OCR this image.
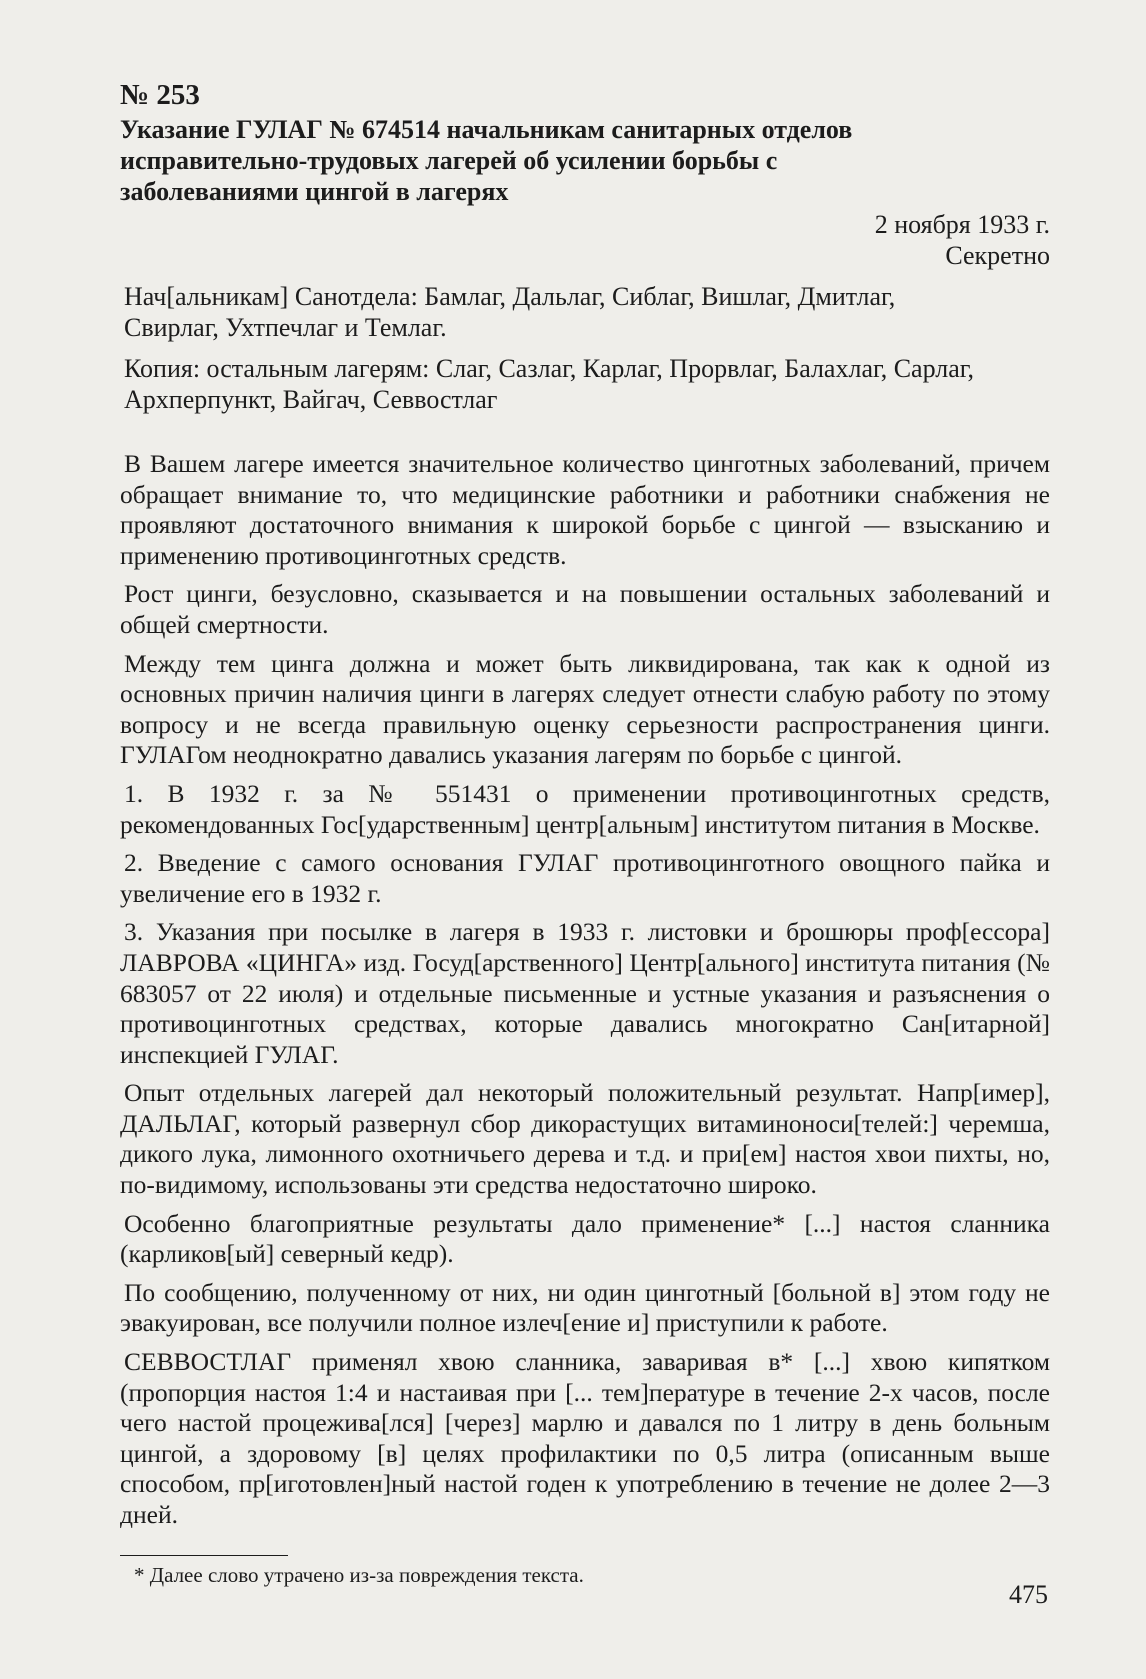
№ 253
Указание ГУЛАГ № 674514 начальникам санитарных отделов исправительно-трудовых лагерей об усилении борьбы с заболеваниями цингой в лагерях
2 ноября 1933 г.
Секретно
Нач[альникам] Санотдела: Бамлаг, Дальлаг, Сиблаг, Вишлаг, Дмитлаг, Свирлаг, Ухтпечлаг и Темлаг.
Копия: остальным лагерям: Слаг, Сазлаг, Карлаг, Прорвлаг, Балахлаг, Сарлаг, Архперпункт, Вайгач, Севвостлаг

В Вашем лагере имеется значительное количество цинготных заболеваний, причем обращает внимание то, что медицинские работники и работники снабжения не проявляют достаточного внимания к широкой борьбе с цингой — взысканию и применению противоцинготных средств.

Рост цинги, безусловно, сказывается и на повышении остальных заболеваний и общей смертности.

Между тем цинга должна и может быть ликвидирована, так как к одной из основных причин наличия цинги в лагерях следует отнести слабую работу по этому вопросу и не всегда правильную оценку серьезности распространения цинги. ГУЛАГом неоднократно давались указания лагерям по борьбе с цингой.

1. В 1932 г. за № 551431 о применении противоцинготных средств, рекомендованных Гос[ударственным] центр[альным] институтом питания в Москве.

2. Введение с самого основания ГУЛАГ противоцинготного овощного пайка и увеличение его в 1932 г.

3. Указания при посылке в лагеря в 1933 г. листовки и брошюры проф[ессора] ЛАВРОВА «ЦИНГА» изд. Госуд[арственного] Центр[ального] института питания (№ 683057 от 22 июля) и отдельные письменные и устные указания и разъяснения о противоцинготных средствах, которые давались многократно Сан[итарной] инспекцией ГУЛАГ.

Опыт отдельных лагерей дал некоторый положительный результат. Напр[имер], ДАЛЬЛАГ, который развернул сбор дикорастущих витаминоноси[телей:] черемша, дикого лука, лимонного охотничьего дерева и т.д. и при[ем] настоя хвои пихты, но, по-видимому, использованы эти средства недостаточно широко.

Особенно благоприятные результаты дало применение* [...] настоя сланника (карликов[ый] северный кедр).

По сообщению, полученному от них, ни один цинготный [больной в] этом году не эвакуирован, все получили полное излеч[ение и] приступили к работе.

СЕВВОСТЛАГ применял хвою сланника, заваривая в* [...] хвою кипятком (пропорция настоя 1:4 и настаивая при [... тем]пературе в течение 2-х часов, после чего настой процежива[лся] [через] марлю и давался по 1 литру в день больным цингой, а здоровому [в] целях профилактики по 0,5 литра (описанным выше способом, пр[иготовлен]ный настой годен к употреблению в течение не долее 2—3 дней.

* Далее слово утрачено из-за повреждения текста.
475
